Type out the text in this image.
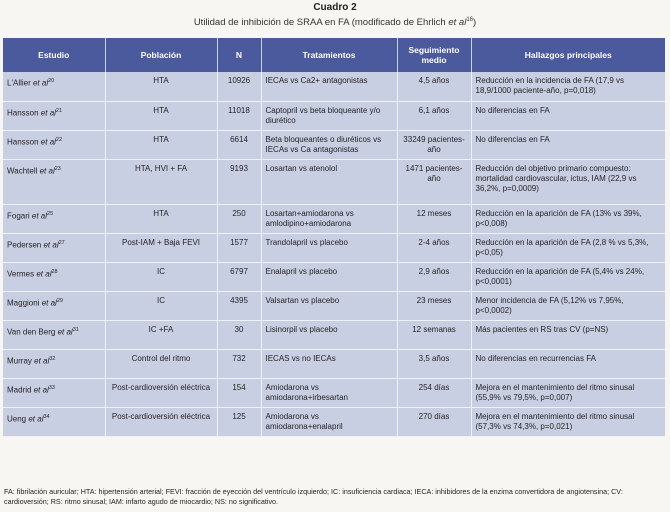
Cuadro 2
Utilidad de inhibición de SRAA en FA (modificado de Ehrlich et $al^{16}$)
Estudio	Población	N	Tratamientos	Seguimiento medio	Hallazgos principales
L'Allier et $al^{20}$	HTA	10926	IECAs vs Ca2+ antagonistas	4,5 años	Reducción en la incidencia de FA (17,9 vs 18,9/1000 paciente-año, p=0,018)
Hansson et $al^{21}$	HTA	11018	Captopril vs beta bloqueante y/o diurético	6,1 años	No diferencias en FA
Hansson et $al^{22}$	HTA	6614	Beta bloqueantes o diuréticos vs IECAs vs Ca antagonistas	33249 pacientes-año	No diferencias en FA
Wachtell et $al^{23}$	HTA, HVI + FA	9193	Losartan vs atenolol	1471 pacientes-año	Reducción del objetivo primario compuesto: mortalidad cardiovascular, ictus, IAM (22,9 vs 36,2%, p=0,0009)
Fogari et $al^{25}$	HTA	250	Losartan+amiodarona vs amlodipino+amiodarona	12 meses	Reducción en la aparición de FA (13% vs 39%, p<0,008)
Pedersen et $al^{27}$	Post-IAM + Baja FEVI	1577	Trandolapril vs placebo	2-4 años	Reducción en la aparición de FA (2,8 % vs 5,3%, p<0,05)
Vermes et $al^{28}$	IC	6797	Enalapril vs placebo	2,9 años	Reducción en la aparición de FA (5,4% vs 24%, p<0,0001)
Maggioni et $al^{29}$	IC	4395	Valsartan vs placebo	23 meses	Menor incidencia de FA (5,12% vs 7,95%, p<0,0002)
Van den Berg et $al^{31}$	IC +FA	30	Lisinorpil vs placebo	12 semanas	Más pacientes en RS tras CV (p=NS)
Murray et $al^{32}$	Control del ritmo	732	IECAS vs no IECAs	3,5 años	No diferencias en recurrencias FA
Madrid et $al^{33}$	Post-cardioversión eléctrica	154	Amiodarona vs amiodarona+irbesartan	254 días	Mejora en el mantenimiento del ritmo sinusal (55,9% vs 79,5%, p=0,007)
Ueng et $al^{34}$	Post-cardioversión eléctrica	125	Amiodarona vs amiodarona+enalapril	270 días	Mejora en el mantenimiento del ritmo sinusal (57,3% vs 74,3%, p=0,021)
FA: fibrilación auricular; HTA: hipertensión arterial; FEVI: fracción de eyección del ventrículo izquierdo; IC: insuficiencia cardiaca; IECA: inhibidores de la enzima convertidora de angiotensina; CV: cardioversión; RS: ritmo sinusal; IAM: infarto agudo de miocardio; NS: no significativo.
